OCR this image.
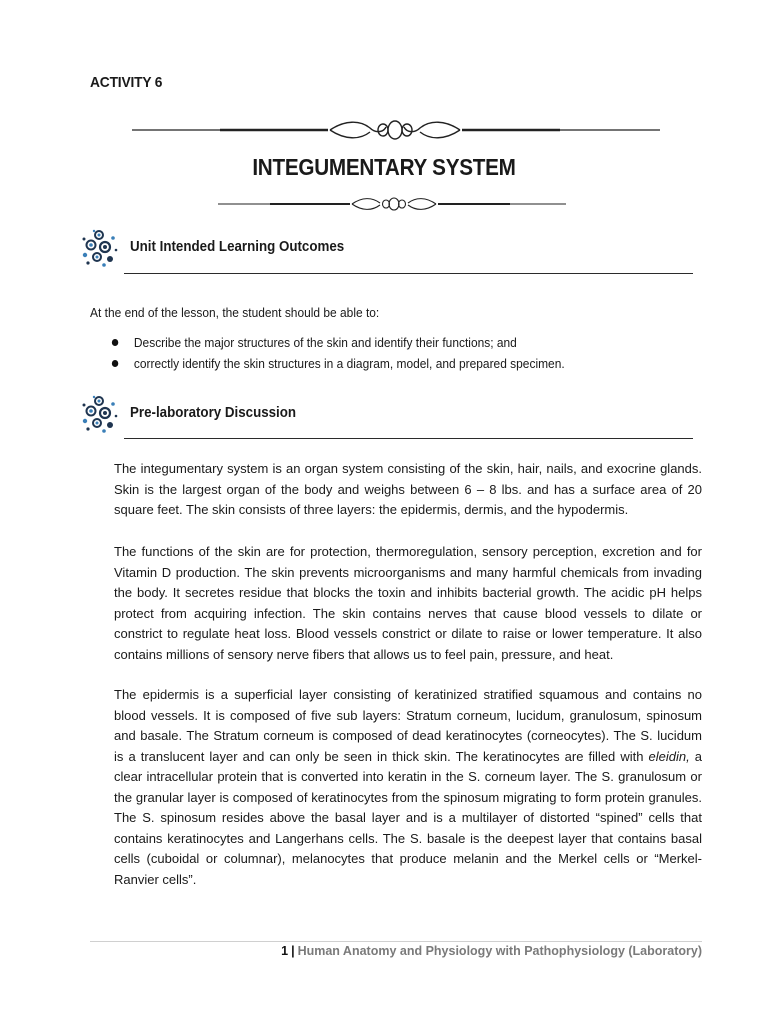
ACTIVITY 6
INTEGUMENTARY SYSTEM
Unit Intended Learning Outcomes
At the end of the lesson, the student should be able to:
Describe the major structures of the skin and identify their functions; and
correctly identify the skin structures in a diagram, model, and prepared specimen.
Pre-laboratory Discussion
The integumentary system is an organ system consisting of the skin, hair, nails, and exocrine glands. Skin is the largest organ of the body and weighs between 6 – 8 lbs. and has a surface area of 20 square feet. The skin consists of three layers: the epidermis, dermis, and the hypodermis.
The functions of the skin are for protection, thermoregulation, sensory perception, excretion and for Vitamin D production. The skin prevents microorganisms and many harmful chemicals from invading the body. It secretes residue that blocks the toxin and inhibits bacterial growth. The acidic pH helps protect from acquiring infection. The skin contains nerves that cause blood vessels to dilate or constrict to regulate heat loss. Blood vessels constrict or dilate to raise or lower temperature. It also contains millions of sensory nerve fibers that allows us to feel pain, pressure, and heat.
The epidermis is a superficial layer consisting of keratinized stratified squamous and contains no blood vessels. It is composed of five sub layers: Stratum corneum, lucidum, granulosum, spinosum and basale. The Stratum corneum is composed of dead keratinocytes (corneocytes). The S. lucidum is a translucent layer and can only be seen in thick skin. The keratinocytes are filled with eleidin, a clear intracellular protein that is converted into keratin in the S. corneum layer. The S. granulosum or the granular layer is composed of keratinocytes from the spinosum migrating to form protein granules. The S. spinosum resides above the basal layer and is a multilayer of distorted “spined” cells that contains keratinocytes and Langerhans cells. The S. basale is the deepest layer that contains basal cells (cuboidal or columnar), melanocytes that produce melanin and the Merkel cells or “Merkel- Ranvier cells”.
1 | Human Anatomy and Physiology with Pathophysiology (Laboratory)
